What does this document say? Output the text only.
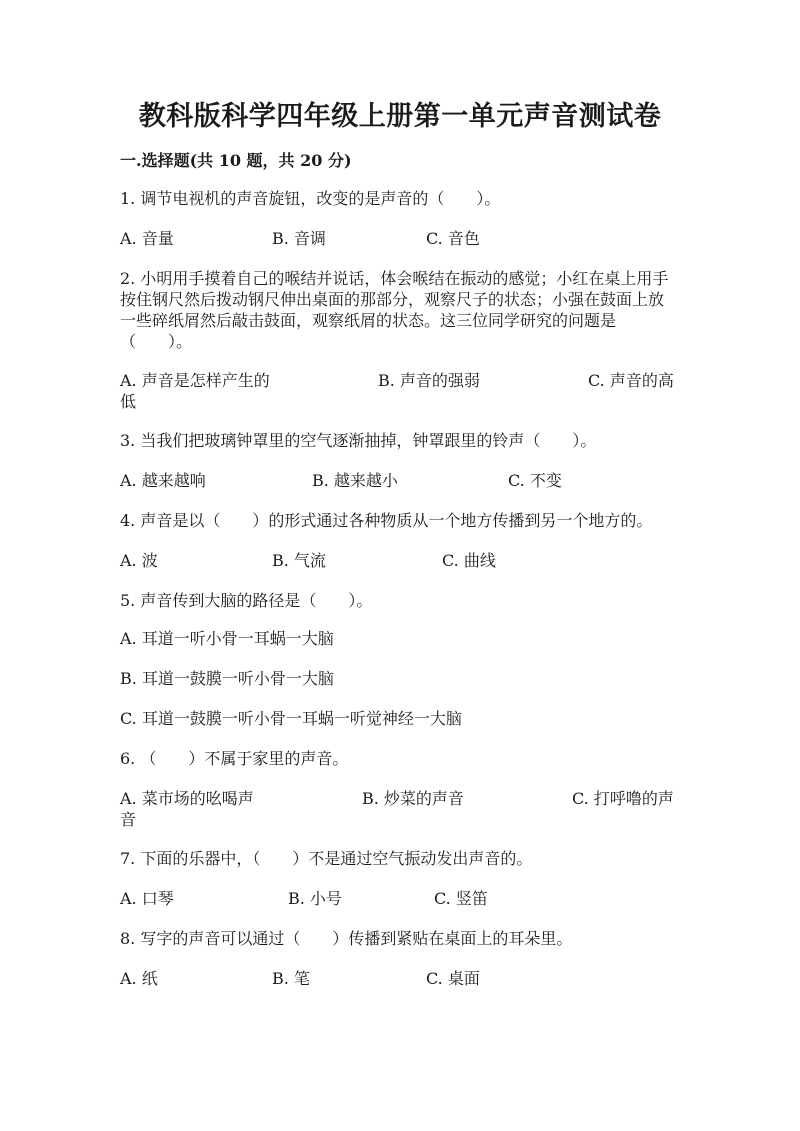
教科版科学四年级上册第一单元声音测试卷
一.选择题(共 10 题，共 20 分)
1. 调节电视机的声音旋钮，改变的是声音的（　　）。
A. 音量	B. 音调	C. 音色
2. 小明用手摸着自己的喉结并说话，体会喉结在振动的感觉；小红在桌上用手
按住钢尺然后拨动钢尺伸出桌面的那部分，观察尺子的状态；小强在鼓面上放
一些碎纸屑然后敲击鼓面，观察纸屑的状态。这三位同学研究的问题是
（　　）。
A. 声音是怎样产生的	B. 声音的强弱	C. 声音的高
低
3. 当我们把玻璃钟罩里的空气逐渐抽掉，钟罩跟里的铃声（　　）。
A. 越来越响	B. 越来越小	C. 不变
4. 声音是以（　　）的形式通过各种物质从一个地方传播到另一个地方的。
A. 波	B. 气流	C. 曲线
5. 声音传到大脑的路径是（　　）。
A. 耳道一听小骨一耳蜗一大脑
B. 耳道一鼓膜一听小骨一大脑
C. 耳道一鼓膜一听小骨一耳蜗一听觉神经一大脑
6. （　　）不属于家里的声音。
A. 菜市场的吆喝声	B. 炒菜的声音	C. 打呼噜的声
音
7. 下面的乐器中，（　　）不是通过空气振动发出声音的。
A. 口琴	B. 小号	C. 竖笛
8. 写字的声音可以通过（　　）传播到紧贴在桌面上的耳朵里。
A. 纸	B. 笔	C. 桌面
